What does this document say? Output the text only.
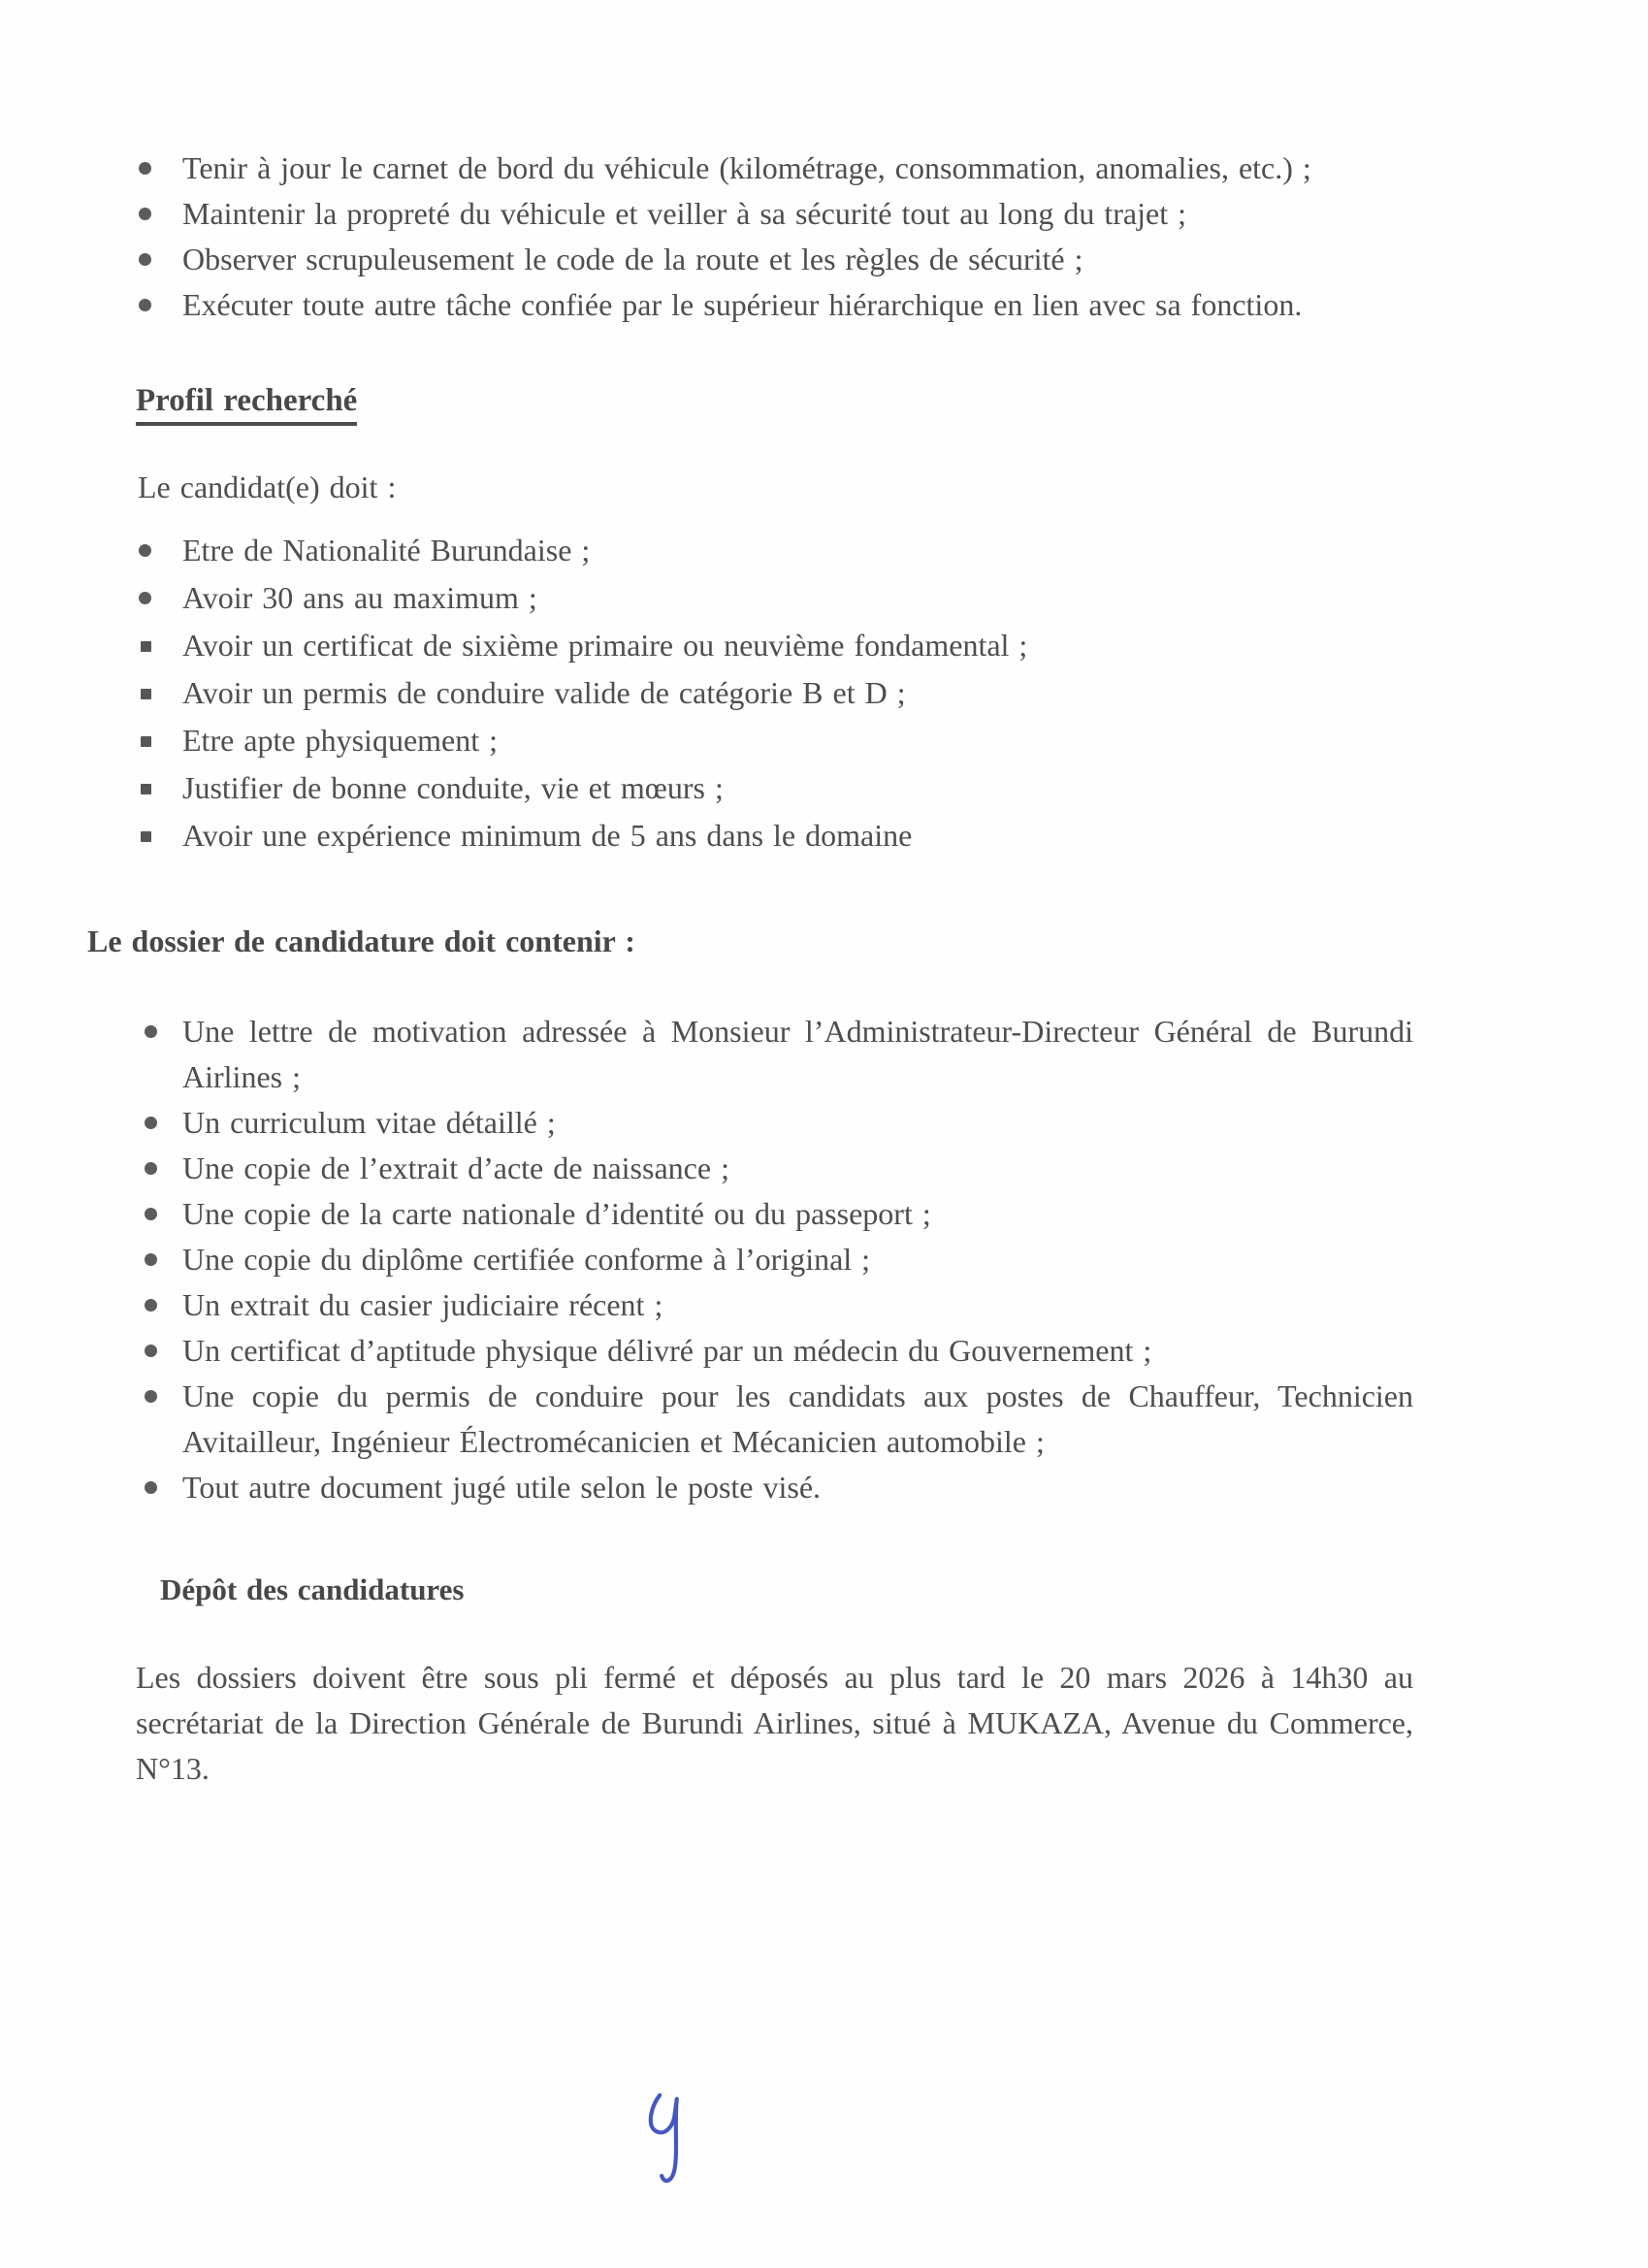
Tenir à jour le carnet de bord du véhicule (kilométrage, consommation, anomalies, etc.) ;
Maintenir la propreté du véhicule et veiller à sa sécurité tout au long du trajet ;
Observer scrupuleusement le code de la route et les règles de sécurité ;
Exécuter toute autre tâche confiée par le supérieur hiérarchique en lien avec sa fonction.
Profil recherché

Le candidat(e) doit :

Etre de Nationalité Burundaise ;
Avoir 30 ans au maximum ;
Avoir un certificat de sixième primaire ou neuvième fondamental ;
Avoir un permis de conduire valide de catégorie B et D ;
Etre apte physiquement ;
Justifier de bonne conduite, vie et mœurs ;
Avoir une expérience minimum de 5 ans dans le domaine
Le dossier de candidature doit contenir :
Une lettre de motivation adressée à Monsieur l’Administrateur-Directeur Général de Burundi Airlines ;
Un curriculum vitae détaillé ;
Une copie de l’extrait d’acte de naissance ;
Une copie de la carte nationale d’identité ou du passeport ;
Une copie du diplôme certifiée conforme à l’original ;
Un extrait du casier judiciaire récent ;
Un certificat d’aptitude physique délivré par un médecin du Gouvernement ;
Une copie du permis de conduire pour les candidats aux postes de Chauffeur, Technicien Avitailleur, Ingénieur Électromécanicien et Mécanicien automobile ;
Tout autre document jugé utile selon le poste visé.
Dépôt des candidatures

Les dossiers doivent être sous pli fermé et déposés au plus tard le 20 mars 2026 à 14h30 au secrétariat de la Direction Générale de Burundi Airlines, situé à MUKAZA, Avenue du Commerce, N°13.
